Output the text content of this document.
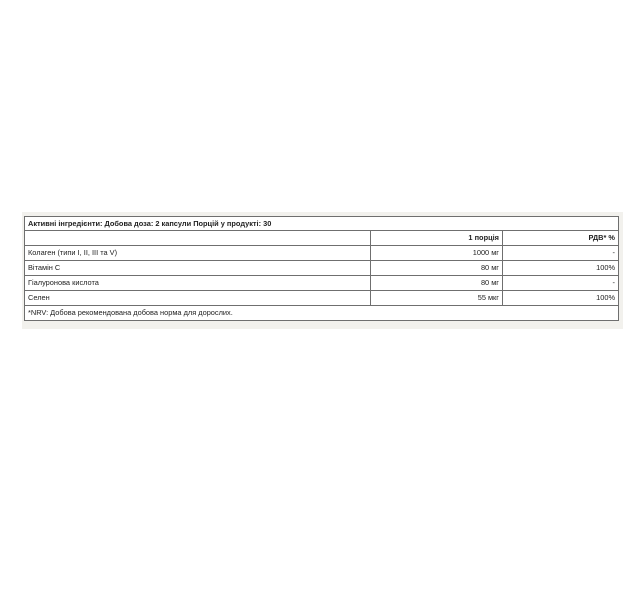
Активні інгредієнти: Добова доза: 2 капсули Порцій у продукті: 30		
	1 порція	РДВ* %
Колаген (типи I, II, III та V)	1000 мг	-
Вітамін С	80 мг	100%
Гіалуронова кислота	80 мг	-
Селен	55 мкг	100%
*NRV: Добова рекомендована добова норма для дорослих.		
